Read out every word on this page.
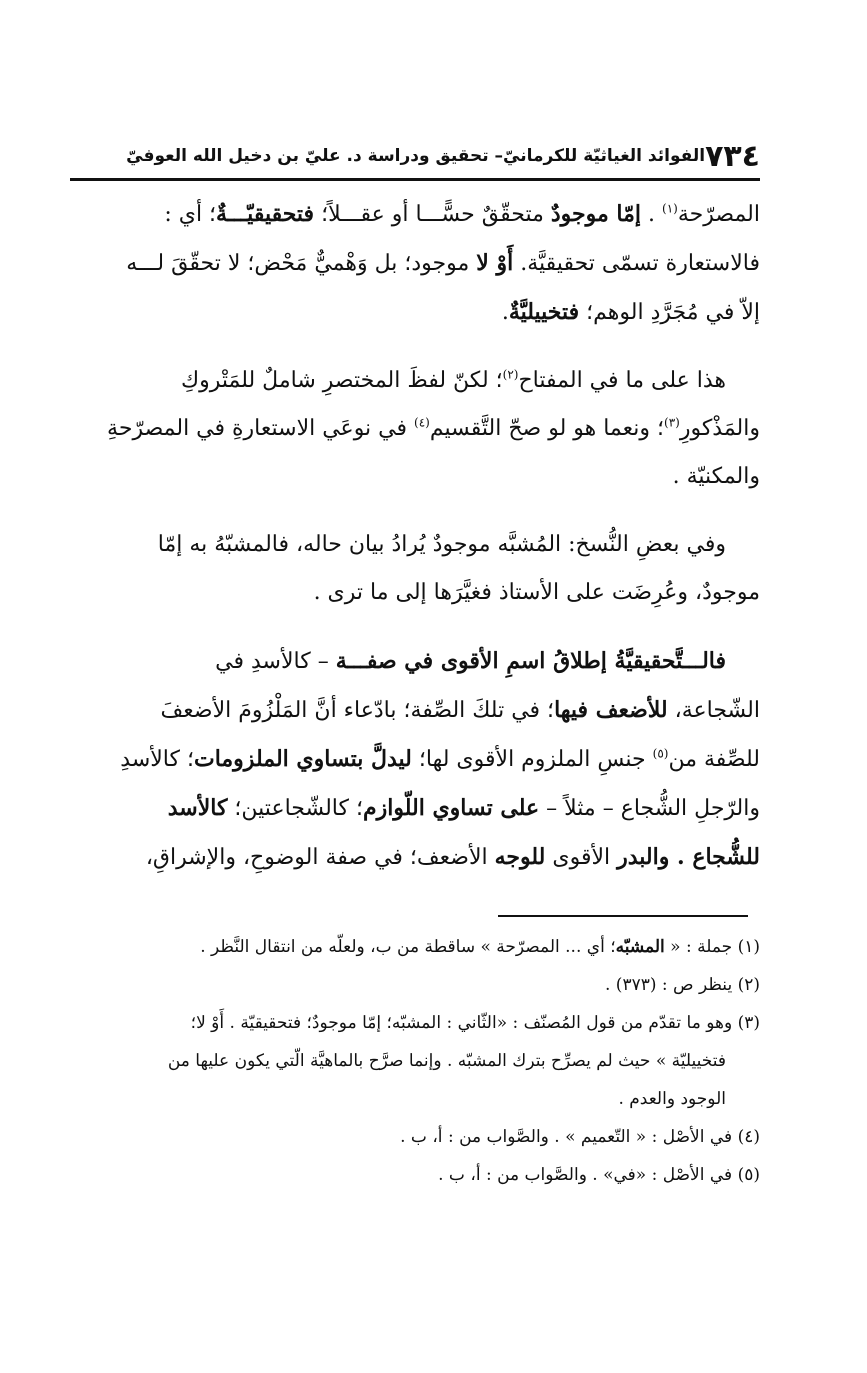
٧٣٤
الفوائد الغياثيّة للكرمانيّ– تحقيق ودراسة د. عليّ بن دخيل الله العوفيّ

المصرّحة$^{(١)}$ . إمّا موجودٌ متحقّقٌ حسًّـــا أو عقـــلاً؛ فتحقيقيّـــةٌ؛ أي :
فالاستعارة تسمّى تحقيقيَّة. أَوْ لا موجود؛ بل وَهْميٌّ مَحْض؛ لا تحقّقَ لـــه
إلاّ في مُجَرَّدِ الوهم؛ فتخييليَّةٌ.

هذا على ما في المفتاح$^{(٢)}$؛ لكنّ لفظَ المختصرِ شاملٌ للمَتْروكِ
والمَذْكورِ$^{(٣)}$؛ ونعما هو لو صحّ التَّقسيم$^{(٤)}$ في نوعَي الاستعارةِ في المصرّحةِ
والمكنيّة .

وفي بعضِ النُّسخ: المُشبَّه موجودٌ يُرادُ بيان حاله، فالمشبّهُ به إمّا
موجودٌ، وعُرِضَت على الأستاذ فغيَّرَها إلى ما ترى .

فالـــتَّحقيقيَّةُ إطلاقُ اسمِ الأقوى في صفـــة – كالأسدِ في
الشّجاعة، للأضعف فيها؛ في تلكَ الصِّفة؛ بادّعاء أنَّ المَلْزُومَ الأضعفَ
للصِّفة من$^{(٥)}$ جنسِ الملزوم الأقوى لها؛ ليدلَّ بتساوي الملزومات؛ كالأسدِ
والرّجلِ الشُّجاع – مثلاً – على تساوي اللّوازم؛ كالشّجاعتين؛ كالأسد
للشُّجاع . والبدر الأقوى للوجه الأضعف؛ في صفة الوضوحِ، والإشراقِ،

(١) جملة : « المشبّه؛ أي ... المصرّحة » ساقطة من ب، ولعلّه من انتقال النَّظر .
(٢) ينظر ص : (٣٧٣) .
(٣) وهو ما تقدّم من قول المُصنّف : «الثّاني : المشبّه؛ إمّا موجودٌ؛ فتحقيقيّة . أَوْ لا؛
فتخييليّة » حيث لم يصرِّح بترك المشبّه . وإنما صرَّح بالماهيَّة الّتي يكون عليها من
الوجود والعدم .
(٤) في الأصْل : « التّعميم » . والصَّواب من : أ، ب .
(٥) في الأصْل : «في» . والصَّواب من : أ، ب .
